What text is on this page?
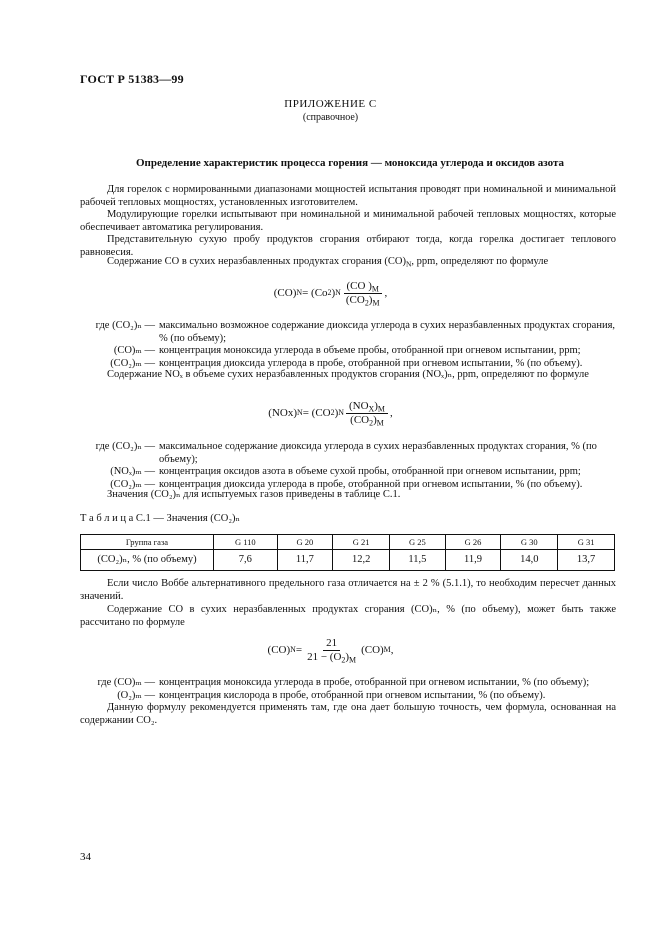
ГОСТ Р 51383—99
ПРИЛОЖЕНИЕ С
(справочное)
Определение характеристик процесса горения — моноксида углерода и оксидов азота

Для горелок с нормированными диапазонами мощностей испытания проводят при номинальной и минимальной рабочей тепловых мощностях, установленных изготовителем.

Модулирующие горелки испытывают при номинальной и минимальной рабочей тепловых мощностях, которые обеспечивает автоматика регулирования.

Представительную сухую пробу продуктов сгорания отбирают тогда, когда горелка достигает теплового равновесия.

Содержание СО в сухих неразбавленных продуктах сгорания $(CO)_N$, ppm, определяют по формуле

(CO) N = (Co 2 ) N $\frac{(CO )_M}{(CO_2)_M}$ ,
где (CO₂)ₙ — максимально возможное содержание диоксида углерода в сухих неразбавленных продуктах сгорания, % (по объему);
(CO)ₘ — концентрация моноксида углерода в объеме пробы, отобранной при огневом испытании, ppm;
(CO₂)ₘ — концентрация диоксида углерода в пробе, отобранной при огневом испытании, % (по объему).

Содержание NOₓ в объеме сухих неразбавленных продуктов сгорания (NOₓ)ₙ, ppm, определяют по формуле

(NOx) N = (CO 2 ) N $\frac{(NO_X)_M}{(CO_2)_M}$ ,
где (CO₂)ₙ — максимальное содержание диоксида углерода в сухих неразбавленных продуктах сгорания, % (по объему);
(NOₓ)ₘ — концентрация оксидов азота в объеме сухой пробы, отобранной при огневом испытании, ppm;
(CO₂)ₘ — концентрация диоксида углерода в пробе, отобранной при огневом испытании, % (по объему).

Значения (CO₂)ₙ для испытуемых газов приведены в таблице С.1.

Т а б л и ц а С.1 — Значения (CO₂)ₙ
Группа газа	G 110	G 20	G 21	G 25	G 26	G 30	G 31
(CO₂)ₙ, % (по объему)	7,6	11,7	12,2	11,5	11,9	14,0	13,7

Если число Воббе альтернативного предельного газа отличается на ± 2 % (5.1.1), то необходим пересчет данных значений.

Содержание СО в сухих неразбавленных продуктах сгорания (CO)ₙ, % (по объему), может быть также рассчитано по формуле

(CO) $N = \frac{21}{21 - (O_2)_M} (CO)$ M ,
где (CO)ₘ — концентрация моноксида углерода в пробе, отобранной при огневом испытании, % (по объему);
(O₂)ₘ — концентрация кислорода в пробе, отобранной при огневом испытании, % (по объему).

Данную формулу рекомендуется применять там, где она дает большую точность, чем формула, основанная на содержании CO₂.

34
